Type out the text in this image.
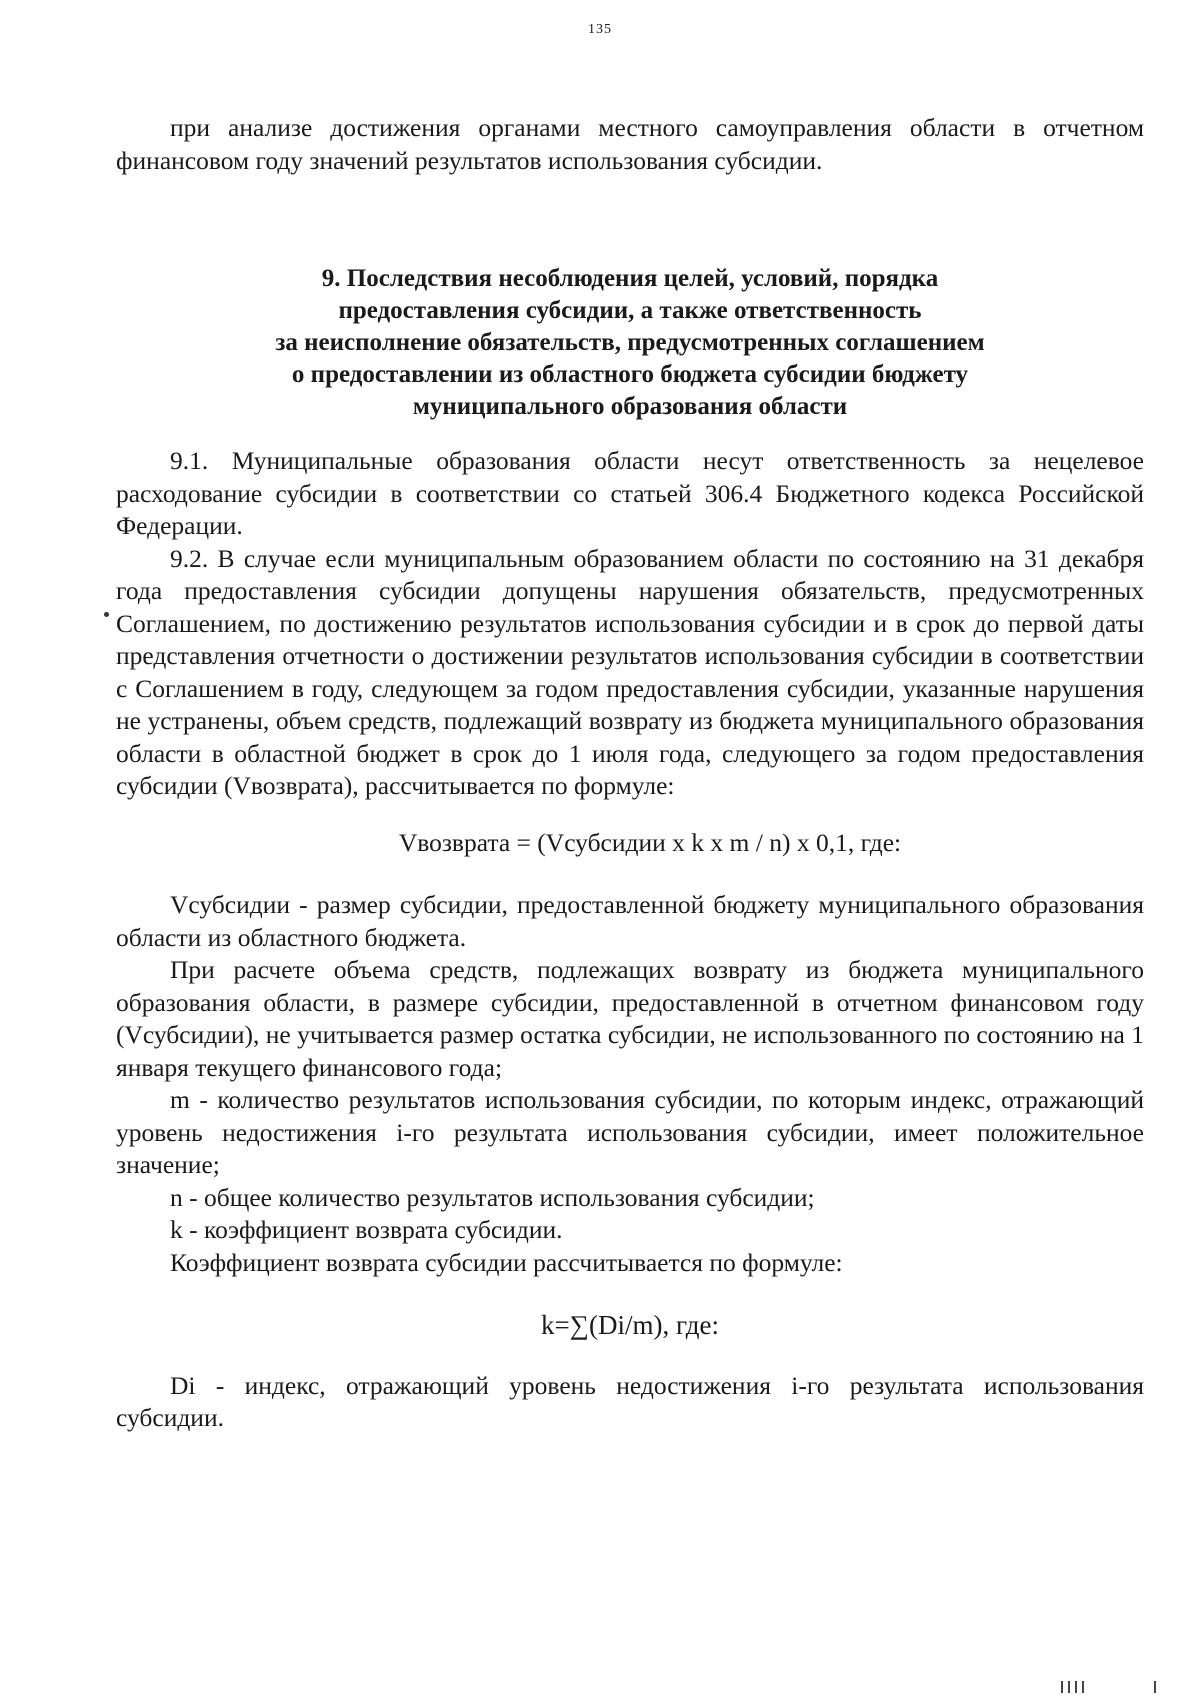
135

при анализе достижения органами местного самоуправления области в отчетном финансовом году значений результатов использования субсидии.

9. Последствия несоблюдения целей, условий, порядка
предоставления субсидии, а также ответственность
за неисполнение обязательств, предусмотренных соглашением
о предоставлении из областного бюджета субсидии бюджету
муниципального образования области

9.1. Муниципальные образования области несут ответственность за нецелевое расходование субсидии в соответствии со статьей 306.4 Бюджетного кодекса Российской Федерации.

9.2. В случае если муниципальным образованием области по состоянию на 31 декабря года предоставления субсидии допущены нарушения обязательств, предусмотренных Соглашением, по достижению результатов использования субсидии и в срок до первой даты представления отчетности о достижении результатов использования субсидии в соответствии с Соглашением в году, следующем за годом предоставления субсидии, указанные нарушения не устранены, объем средств, подлежащий возврату из бюджета муниципального образования области в областной бюджет в срок до 1 июля года, следующего за годом предоставления субсидии (Vвозврата), рассчитывается по формуле:

Vвозврата = (Vсубсидии х k х m / n) х 0,1, где:

Vсубсидии - размер субсидии, предоставленной бюджету муниципального образования области из областного бюджета.

При расчете объема средств, подлежащих возврату из бюджета муниципального образования области, в размере субсидии, предоставленной в отчетном финансовом году (Vсубсидии), не учитывается размер остатка субсидии, не использованного по состоянию на 1 января текущего финансового года;

m - количество результатов использования субсидии, по которым индекс, отражающий уровень недостижения i-го результата использования субсидии, имеет положительное значение;

n - общее количество результатов использования субсидии;

k - коэффициент возврата субсидии.

Коэффициент возврата субсидии рассчитывается по формуле:

k=∑(Di/m), где:

Di - индекс, отражающий уровень недостижения i-го результата использования субсидии.
